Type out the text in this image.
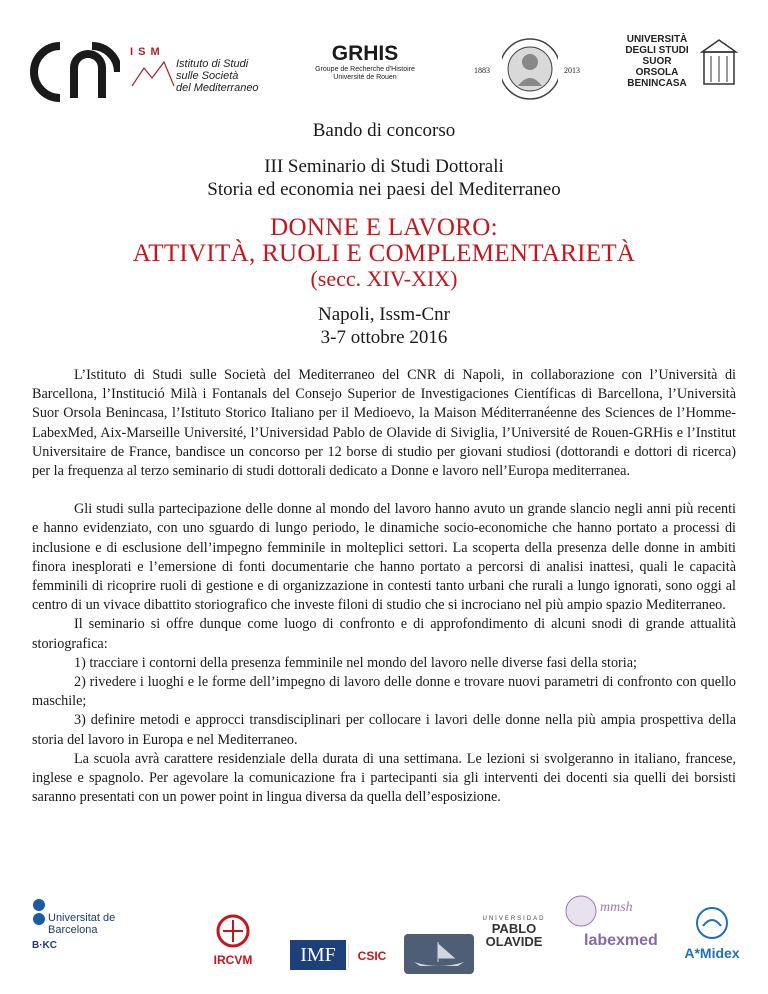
I S M
Istituto di Studi
sulle Società
del Mediterraneo
GRHIS
Groupe de Recherche d'Histoire
Université de Rouen
1883	2013
UNIVERSITÀ
DEGLI STUDI
SUOR ORSOLA
BENINCASA
Bando di concorso
III Seminario di Studi Dottorali
Storia ed economia nei paesi del Mediterraneo
DONNE E LAVORO:
ATTIVITÀ, RUOLI E COMPLEMENTARIETÀ
(secc. XIV-XIX)
Napoli, Issm-Cnr
3-7 ottobre 2016

L’Istituto di Studi sulle Società del Mediterraneo del CNR di Napoli, in collaborazione con l’Università di Barcellona, l’Institució Milà i Fontanals del Consejo Superior de Investigaciones Científicas di Barcellona, l’Università Suor Orsola Benincasa, l’Istituto Storico Italiano per il Medioevo, la Maison Méditerranéenne des Sciences de l’Homme-LabexMed, Aix-Marseille Université, l’Universidad Pablo de Olavide di Siviglia, l’Université de Rouen-GRHis e l’Institut Universitaire de France, bandisce un concorso per 12 borse di studio per giovani studiosi (dottorandi e dottori di ricerca) per la frequenza al terzo seminario di studi dottorali dedicato a Donne e lavoro nell’Europa mediterranea.

Gli studi sulla partecipazione delle donne al mondo del lavoro hanno avuto un grande slancio negli anni più recenti e hanno evidenziato, con uno sguardo di lungo periodo, le dinamiche socio-economiche che hanno portato a processi di inclusione e di esclusione dell’impegno femminile in molteplici settori. La scoperta della presenza delle donne in ambiti finora inesplorati e l’emersione di fonti documentarie che hanno portato a percorsi di analisi inattesi, quali le capacità femminili di ricoprire ruoli di gestione e di organizzazione in contesti tanto urbani che rurali a lungo ignorati, sono oggi al centro di un vivace dibattito storiografico che investe filoni di studio che si incrociano nel più ampio spazio Mediterraneo.

Il seminario si offre dunque come luogo di confronto e di approfondimento di alcuni snodi di grande attualità storiografica:

1) tracciare i contorni della presenza femminile nel mondo del lavoro nelle diverse fasi della storia;

2) rivedere i luoghi e le forme dell’impegno di lavoro delle donne e trovare nuovi parametri di confronto con quello maschile;

3) definire metodi e approcci transdisciplinari per collocare i lavori delle donne nella più ampia prospettiva della storia del lavoro in Europa e nel Mediterraneo.

La scuola avrà carattere residenziale della durata di una settimana. Le lezioni si svolgeranno in italiano, francese, inglese e spagnolo. Per agevolare la comunicazione fra i partecipanti sia gli interventi dei docenti sia quelli dei borsisti saranno presentati con un power point in lingua diversa da quella dell’esposizione.

Universitat de Barcelona
B·KC
IRCVM	IMF	CSIC
UNIVERSIDAD
PABLO
OLAVIDE
mmsh
labexmed
A*Midex
